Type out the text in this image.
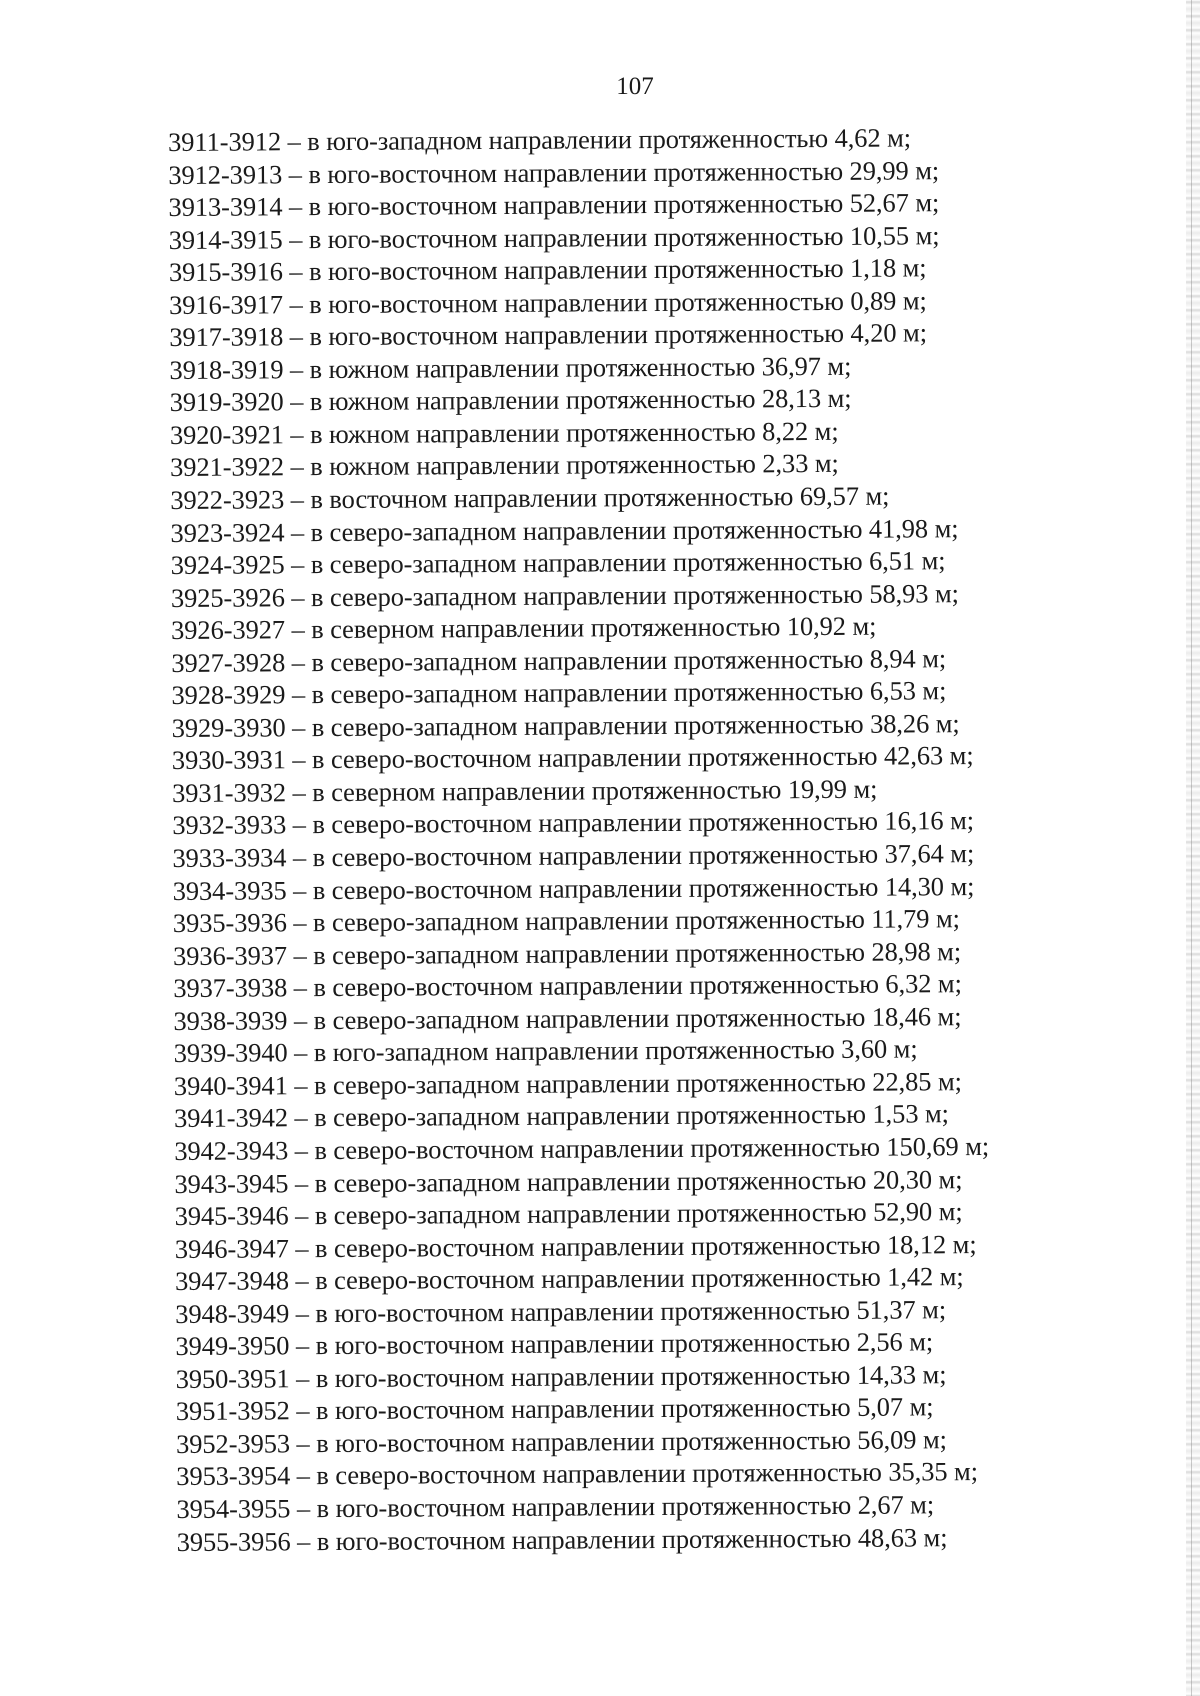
107
3911-3912 – в юго-западном направлении протяженностью 4,62 м;
3912-3913 – в юго-восточном направлении протяженностью 29,99 м;
3913-3914 – в юго-восточном направлении протяженностью 52,67 м;
3914-3915 – в юго-восточном направлении протяженностью 10,55 м;
3915-3916 – в юго-восточном направлении протяженностью 1,18 м;
3916-3917 – в юго-восточном направлении протяженностью 0,89 м;
3917-3918 – в юго-восточном направлении протяженностью 4,20 м;
3918-3919 – в южном направлении протяженностью 36,97 м;
3919-3920 – в южном направлении протяженностью 28,13 м;
3920-3921 – в южном направлении протяженностью 8,22 м;
3921-3922 – в южном направлении протяженностью 2,33 м;
3922-3923 – в восточном направлении протяженностью 69,57 м;
3923-3924 – в северо-западном направлении протяженностью 41,98 м;
3924-3925 – в северо-западном направлении протяженностью 6,51 м;
3925-3926 – в северо-западном направлении протяженностью 58,93 м;
3926-3927 – в северном направлении протяженностью 10,92 м;
3927-3928 – в северо-западном направлении протяженностью 8,94 м;
3928-3929 – в северо-западном направлении протяженностью 6,53 м;
3929-3930 – в северо-западном направлении протяженностью 38,26 м;
3930-3931 – в северо-восточном направлении протяженностью 42,63 м;
3931-3932 – в северном направлении протяженностью 19,99 м;
3932-3933 – в северо-восточном направлении протяженностью 16,16 м;
3933-3934 – в северо-восточном направлении протяженностью 37,64 м;
3934-3935 – в северо-восточном направлении протяженностью 14,30 м;
3935-3936 – в северо-западном направлении протяженностью 11,79 м;
3936-3937 – в северо-западном направлении протяженностью 28,98 м;
3937-3938 – в северо-восточном направлении протяженностью 6,32 м;
3938-3939 – в северо-западном направлении протяженностью 18,46 м;
3939-3940 – в юго-западном направлении протяженностью 3,60 м;
3940-3941 – в северо-западном направлении протяженностью 22,85 м;
3941-3942 – в северо-западном направлении протяженностью 1,53 м;
3942-3943 – в северо-восточном направлении протяженностью 150,69 м;
3943-3945 – в северо-западном направлении протяженностью 20,30 м;
3945-3946 – в северо-западном направлении протяженностью 52,90 м;
3946-3947 – в северо-восточном направлении протяженностью 18,12 м;
3947-3948 – в северо-восточном направлении протяженностью 1,42 м;
3948-3949 – в юго-восточном направлении протяженностью 51,37 м;
3949-3950 – в юго-восточном направлении протяженностью 2,56 м;
3950-3951 – в юго-восточном направлении протяженностью 14,33 м;
3951-3952 – в юго-восточном направлении протяженностью 5,07 м;
3952-3953 – в юго-восточном направлении протяженностью 56,09 м;
3953-3954 – в северо-восточном направлении протяженностью 35,35 м;
3954-3955 – в юго-восточном направлении протяженностью 2,67 м;
3955-3956 – в юго-восточном направлении протяженностью 48,63 м;
